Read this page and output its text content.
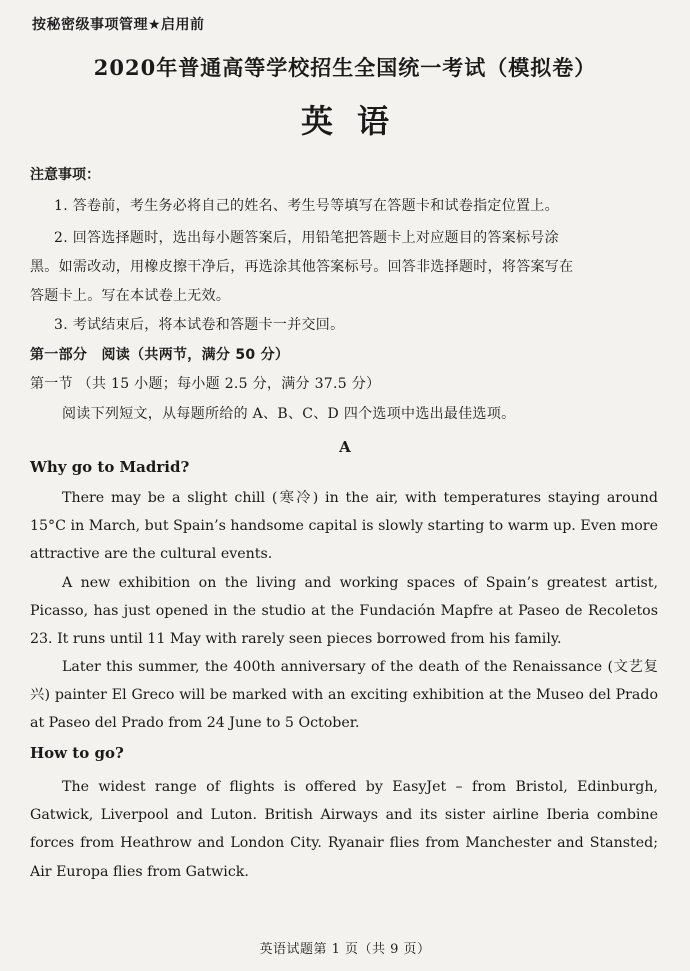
按秘密级事项管理★启用前
2020年普通高等学校招生全国统一考试（模拟卷）
英语
注意事项：
1. 答卷前，考生务必将自己的姓名、考生号等填写在答题卡和试卷指定位置上。
2. 回答选择题时，选出每小题答案后，用铅笔把答题卡上对应题目的答案标号涂
黑。如需改动，用橡皮擦干净后，再选涂其他答案标号。回答非选择题时，将答案写在
答题卡上。写在本试卷上无效。
3. 考试结束后，将本试卷和答题卡一并交回。
第一部分　阅读（共两节，满分 50 分）
第一节 （共 15 小题；每小题 2.5 分，满分 37.5 分）
阅读下列短文，从每题所给的 A、B、C、D 四个选项中选出最佳选项。
A
Why go to Madrid?
There may be a slight chill (寒冷) in the air, with temperatures staying around 15°C in March, but Spain’s handsome capital is slowly starting to warm up. Even more attractive are the cultural events.
A new exhibition on the living and working spaces of Spain’s greatest artist, Picasso, has just opened in the studio at the Fundación Mapfre at Paseo de Recoletos 23. It runs until 11 May with rarely seen pieces borrowed from his family.
Later this summer, the 400th anniversary of the death of the Renaissance (文艺复兴) painter El Greco will be marked with an exciting exhibition at the Museo del Prado at Paseo del Prado from 24 June to 5 October.
How to go?
The widest range of flights is offered by EasyJet – from Bristol, Edinburgh, Gatwick, Liverpool and Luton. British Airways and its sister airline Iberia combine forces from Heathrow and London City. Ryanair flies from Manchester and Stansted; Air Europa flies from Gatwick.
英语试题第 1 页（共 9 页）
